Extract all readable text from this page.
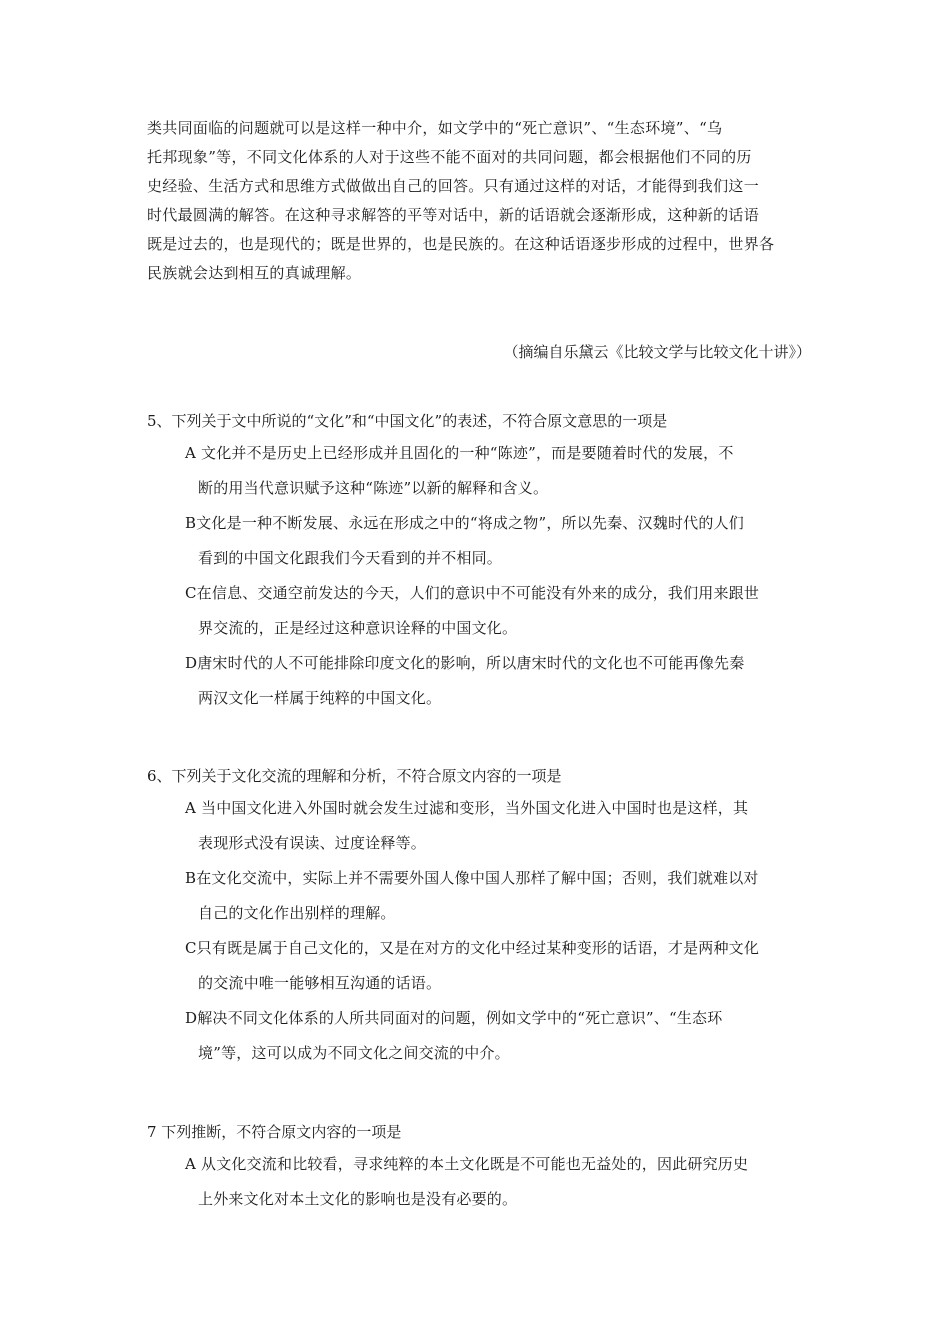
类共同面临的问题就可以是这样一种中介，如文学中的“死亡意识”、“生态环境”、“乌
托邦现象”等，不同文化体系的人对于这些不能不面对的共同问题，都会根据他们不同的历
史经验、生活方式和思维方式做做出自己的回答。只有通过这样的对话，才能得到我们这一
时代最圆满的解答。在这种寻求解答的平等对话中，新的话语就会逐渐形成，这种新的话语
既是过去的，也是现代的；既是世界的，也是民族的。在这种话语逐步形成的过程中，世界各
民族就会达到相互的真诚理解。
（摘编自乐黛云《比较文学与比较文化十讲》）
5、下列关于文中所说的“文化”和“中国文化”的表述，不符合原文意思的一项是
A 文化并不是历史上已经形成并且固化的一种“陈迹”，而是要随着时代的发展，不
断的用当代意识赋予这种“陈迹”以新的解释和含义。
B文化是一种不断发展、永远在形成之中的“将成之物”，所以先秦、汉魏时代的人们
看到的中国文化跟我们今天看到的并不相同。
C在信息、交通空前发达的今天，人们的意识中不可能没有外来的成分，我们用来跟世
界交流的，正是经过这种意识诠释的中国文化。
D唐宋时代的人不可能排除印度文化的影响，所以唐宋时代的文化也不可能再像先秦
两汉文化一样属于纯粹的中国文化。
6、下列关于文化交流的理解和分析，不符合原文内容的一项是
A 当中国文化进入外国时就会发生过滤和变形，当外国文化进入中国时也是这样，其
表现形式没有误读、过度诠释等。
B在文化交流中，实际上并不需要外国人像中国人那样了解中国；否则，我们就难以对
自己的文化作出别样的理解。
C只有既是属于自己文化的，又是在对方的文化中经过某种变形的话语，才是两种文化
的交流中唯一能够相互沟通的话语。
D解决不同文化体系的人所共同面对的问题，例如文学中的“死亡意识”、“生态环
境”等，这可以成为不同文化之间交流的中介。
7 下列推断，不符合原文内容的一项是
A 从文化交流和比较看，寻求纯粹的本土文化既是不可能也无益处的，因此研究历史
上外来文化对本土文化的影响也是没有必要的。
